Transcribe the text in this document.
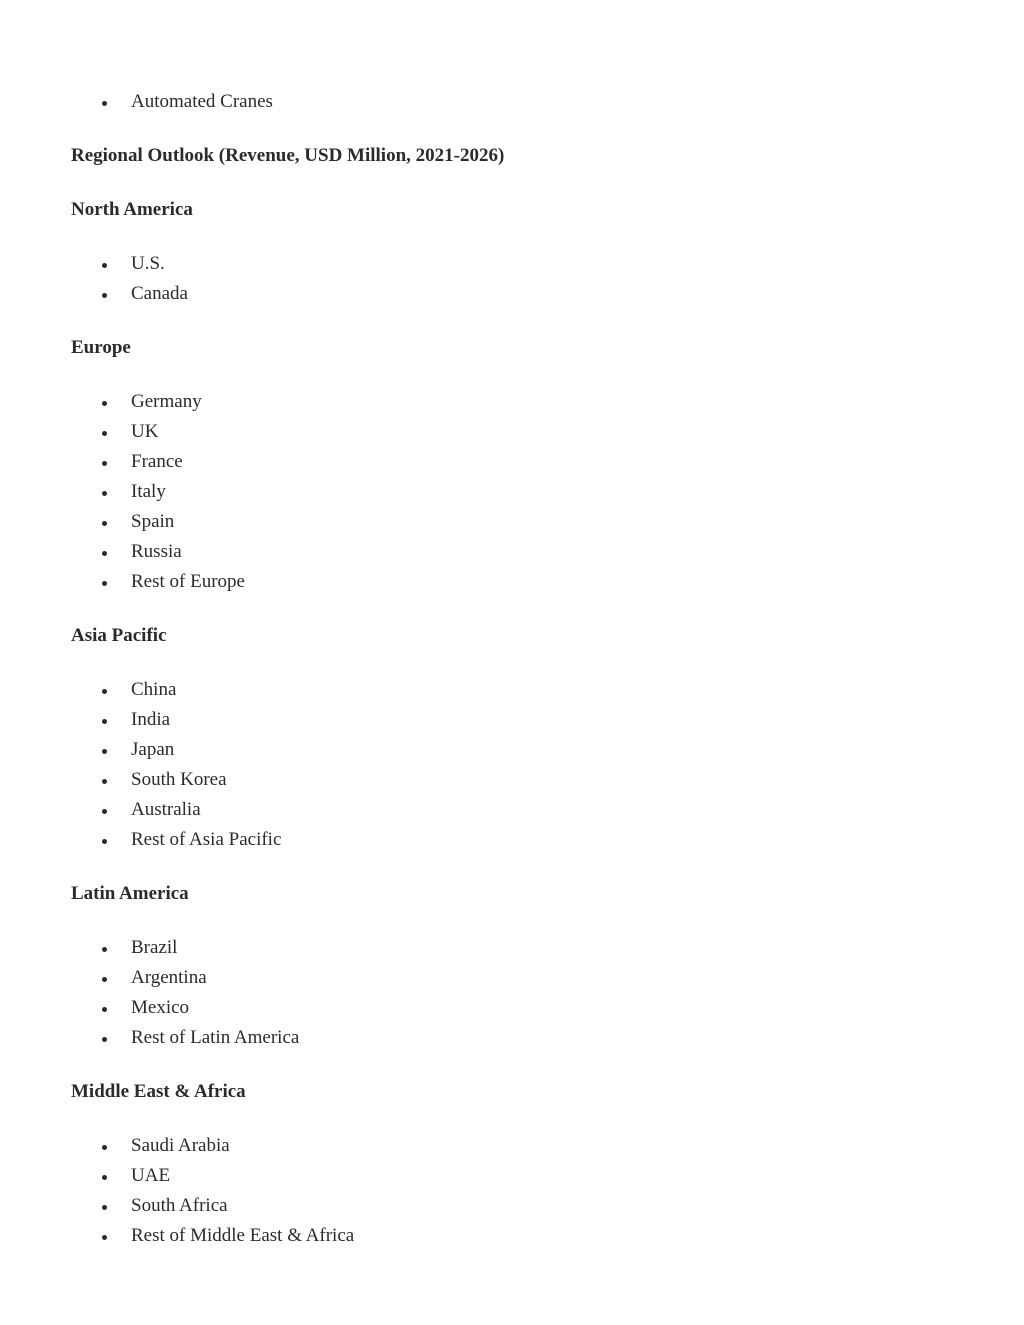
Automated Cranes

Regional Outlook (Revenue, USD Million, 2021-2026)

North America

U.S.
Canada

Europe

Germany
UK
France
Italy
Spain
Russia
Rest of Europe

Asia Pacific

China
India
Japan
South Korea
Australia
Rest of Asia Pacific

Latin America

Brazil
Argentina
Mexico
Rest of Latin America

Middle East & Africa

Saudi Arabia
UAE
South Africa
Rest of Middle East & Africa
